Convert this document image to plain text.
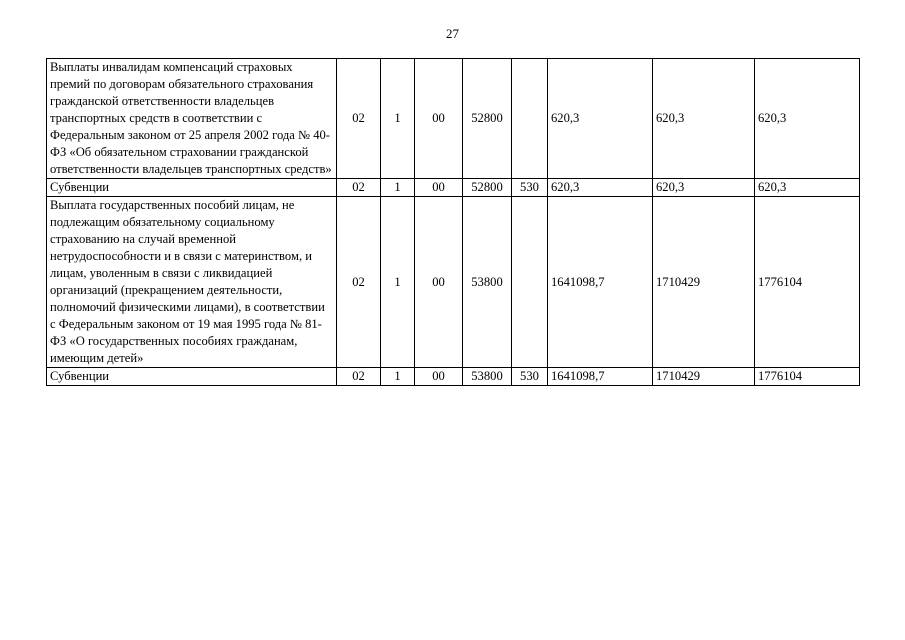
27
Выплаты инвалидам компенсаций страховых премий по договорам обязательного страхования гражданской ответственности владельцев транспортных средств в соответствии с Федеральным законом от 25 апреля 2002 года № 40-ФЗ «Об обязательном страховании гражданской ответственности владельцев транспортных средств»	02	1	00	52800		620,3	620,3	620,3
Субвенции	02	1	00	52800	530	620,3	620,3	620,3
Выплата государственных пособий лицам, не подлежащим обязательному социальному страхованию на случай временной нетрудоспособности и в связи с материнством, и лицам, уволенным в связи с ликвидацией организаций (прекращением деятельности, полномочий физическими лицами), в соответствии с Федеральным законом от 19 мая 1995 года № 81-ФЗ «О государственных пособиях гражданам, имеющим детей»	02	1	00	53800		1641098,7	1710429	1776104
Субвенции	02	1	00	53800	530	1641098,7	1710429	1776104
